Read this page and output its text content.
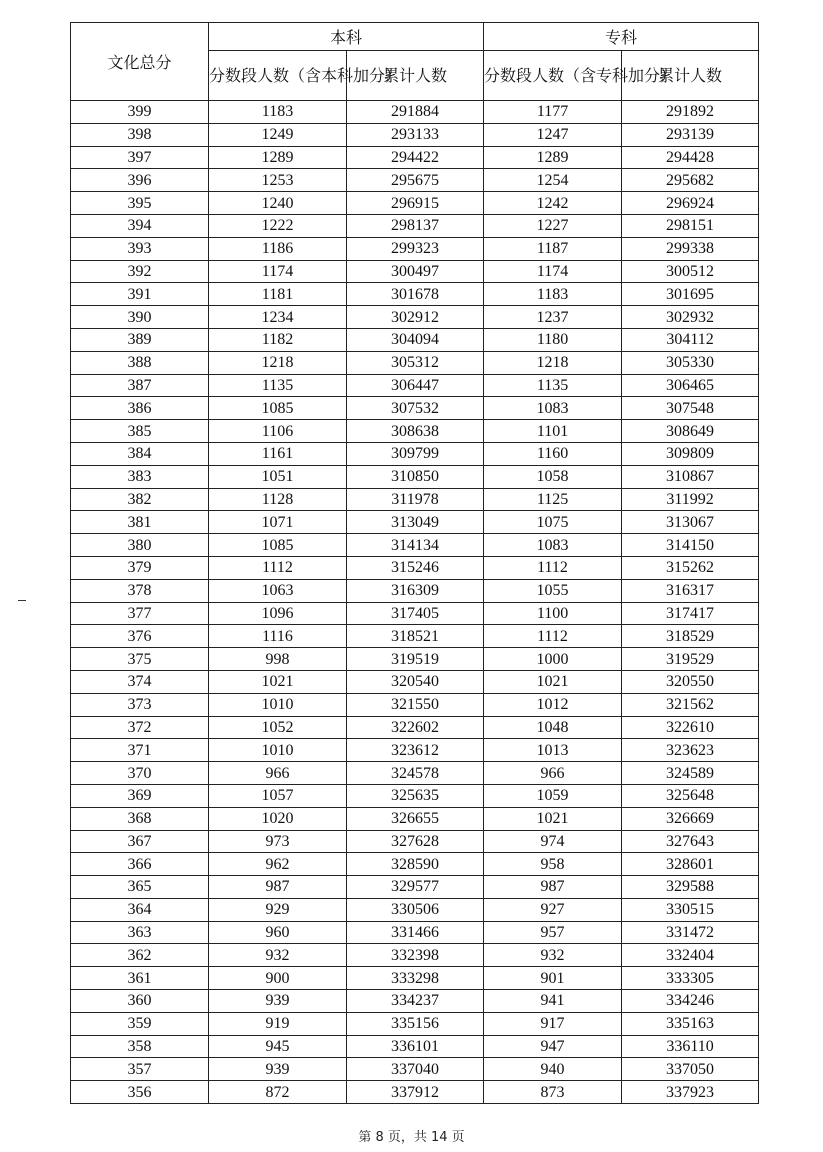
文化总分	本科		专科	
	分数段人数（含本科加分）	累计人数	分数段人数（含专科加分）	累计人数
399	1183	291884	1177	291892
398	1249	293133	1247	293139
397	1289	294422	1289	294428
396	1253	295675	1254	295682
395	1240	296915	1242	296924
394	1222	298137	1227	298151
393	1186	299323	1187	299338
392	1174	300497	1174	300512
391	1181	301678	1183	301695
390	1234	302912	1237	302932
389	1182	304094	1180	304112
388	1218	305312	1218	305330
387	1135	306447	1135	306465
386	1085	307532	1083	307548
385	1106	308638	1101	308649
384	1161	309799	1160	309809
383	1051	310850	1058	310867
382	1128	311978	1125	311992
381	1071	313049	1075	313067
380	1085	314134	1083	314150
379	1112	315246	1112	315262
378	1063	316309	1055	316317
377	1096	317405	1100	317417
376	1116	318521	1112	318529
375	998	319519	1000	319529
374	1021	320540	1021	320550
373	1010	321550	1012	321562
372	1052	322602	1048	322610
371	1010	323612	1013	323623
370	966	324578	966	324589
369	1057	325635	1059	325648
368	1020	326655	1021	326669
367	973	327628	974	327643
366	962	328590	958	328601
365	987	329577	987	329588
364	929	330506	927	330515
363	960	331466	957	331472
362	932	332398	932	332404
361	900	333298	901	333305
360	939	334237	941	334246
359	919	335156	917	335163
358	945	336101	947	336110
357	939	337040	940	337050
356	872	337912	873	337923
第 8 页，共 14 页
